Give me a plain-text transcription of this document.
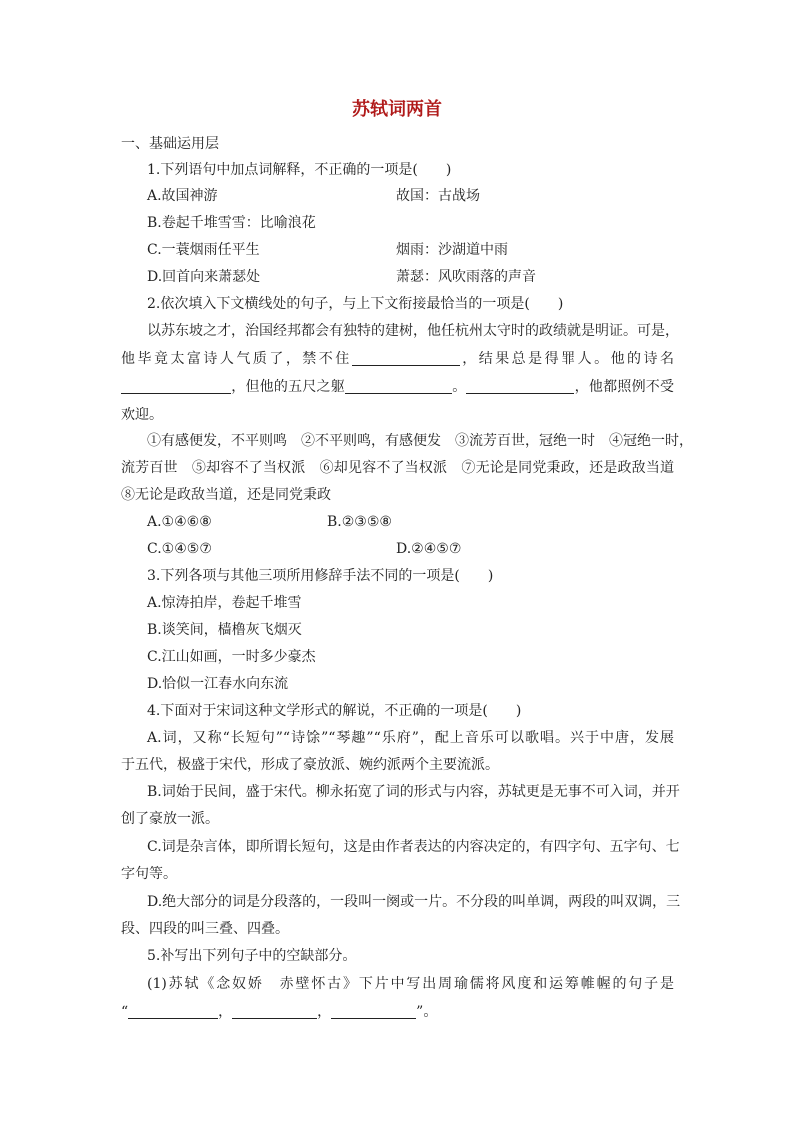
苏轼词两首
一、基础运用层
1.下列语句中加点词解释，不正确的一项是(　　)
A.故国神游	故国：古战场
B.卷起千堆雪雪：比喻浪花
C.一蓑烟雨任平生	烟雨：沙湖道中雨
D.回首向来萧瑟处	萧瑟：风吹雨落的声音
2.依次填入下文横线处的句子，与上下文衔接最恰当的一项是(　　)
以苏东坡之才，治国经邦都会有独特的建树，他任杭州太守时的政绩就是明证。可是，
他毕竟太富诗人气质了，禁不住	，结果总是得罪人。他的诗名
，但他的五尺之躯	。	，他都照例不受
欢迎。
①有感便发，不平则鸣　②不平则鸣，有感便发　③流芳百世，冠绝一时　④冠绝一时，
流芳百世　⑤却容不了当权派　⑥却见容不了当权派　⑦无论是同党秉政，还是政敌当道
⑧无论是政敌当道，还是同党秉政
A.①④⑥⑧	B.②③⑤⑧
C.①④⑤⑦	D.②④⑤⑦
3.下列各项与其他三项所用修辞手法不同的一项是(　　)
A.惊涛拍岸，卷起千堆雪
B.谈笑间，樯橹灰飞烟灭
C.江山如画，一时多少豪杰
D.恰似一江春水向东流
4.下面对于宋词这种文学形式的解说，不正确的一项是(　　)
A.词，又称“长短句”“诗馀”“琴趣”“乐府”，配上音乐可以歌唱。兴于中唐，发展
于五代，极盛于宋代，形成了豪放派、婉约派两个主要流派。
B.词始于民间，盛于宋代。柳永拓宽了词的形式与内容，苏轼更是无事不可入词，并开
创了豪放一派。
C.词是杂言体，即所谓长短句，这是由作者表达的内容决定的，有四字句、五字句、七
字句等。
D.绝大部分的词是分段落的，一段叫一阕或一片。不分段的叫单调，两段的叫双调，三
段、四段的叫三叠、四叠。
5.补写出下列句子中的空缺部分。
(1)苏轼《念奴娇　赤壁怀古》下片中写出周瑜儒将风度和运筹帷幄的句子是
“	，	，	”。
